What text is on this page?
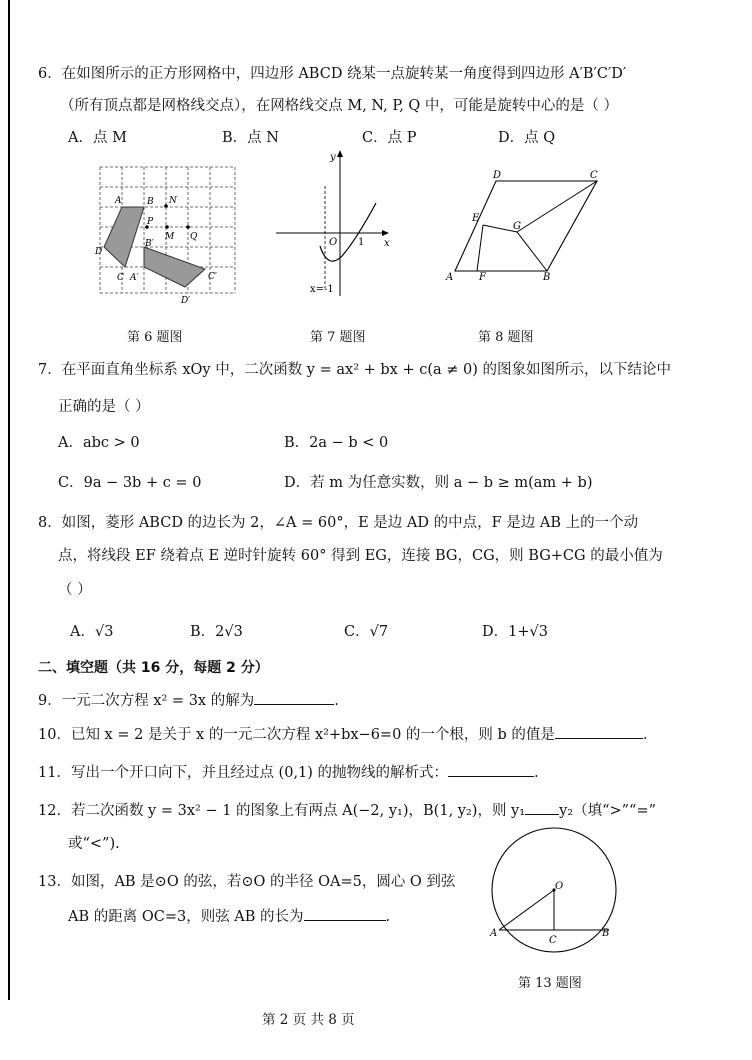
6．在如图所示的正方形网格中，四边形 ABCD 绕某一点旋转某一角度得到四边形 A′B′C′D′
（所有顶点都是网格线交点），在网格线交点 M, N, P, Q 中，可能是旋转中心的是（ ）
A．点 M	B．点 N	C．点 P	D．点 Q
A	B N
P
M Q
B′
D
C A′	C′
D′
y
x
O 1
x=-1
D	C
E
G
A	F	B
第 6 题图	第 7 题图	第 8 题图
7．在平面直角坐标系 xOy 中，二次函数 y = ax² + bx + c(a ≠ 0) 的图象如图所示，以下结论中
正确的是（ ）
A．abc > 0	B．2a − b < 0
C．9a − 3b + c = 0	D．若 m 为任意实数，则 a − b ≥ m(am + b)
8．如图，菱形 ABCD 的边长为 2，∠A = 60°，E 是边 AD 的中点，F 是边 AB 上的一个动
点，将线段 EF 绕着点 E 逆时针旋转 60° 得到 EG，连接 BG，CG，则 BG+CG 的最小值为
（ ）
A．√3	B．2√3	C．√7	D．1+√3
二、填空题（共 16 分，每题 2 分）
9．一元二次方程 x² = 3x 的解为	.
10．已知 x = 2 是关于 x 的一元二次方程 x²+bx−6=0 的一个根，则 b 的值是	.
11．写出一个开口向下，并且经过点 (0,1) 的抛物线的解析式：	.
12．若二次函数 y = 3x² − 1 的图象上有两点 A(−2, y₁)，B(1, y₂)，则 y₁ y₂（填“>”“=”
或“<”).
13．如图，AB 是⊙O 的弦，若⊙O 的半径 OA=5，圆心 O 到弦
AB 的距离 OC=3，则弦 AB 的长为	.
O
A
C
B
第 13 题图
第 2 页 共 8 页
